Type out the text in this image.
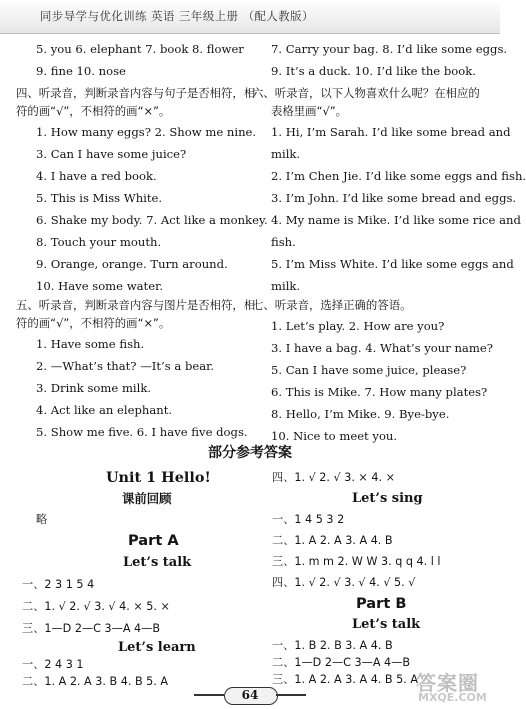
同步导学与优化训练 英语 三年级上册 （配人教版）
5. you 6. elephant 7. book 8. flower
9. fine 10. nose
四、听录音，判断录音内容与句子是否相符，相
符的画“√”，不相符的画“×”。
1. How many eggs? 2. Show me nine.
3. Can I have some juice?
4. I have a red book.
5. This is Miss White.
6. Shake my body. 7. Act like a monkey.
8. Touch your mouth.
9. Orange, orange. Turn around.
10. Have some water.
五、听录音，判断录音内容与图片是否相符，相
符的画“√”，不相符的画“×”。
1. Have some fish.
2. —What’s that? —It’s a bear.
3. Drink some milk.
4. Act like an elephant.
5. Show me five. 6. I have five dogs.
7. Carry your bag. 8. I’d like some eggs.
9. It’s a duck. 10. I’d like the book.
六、听录音，以下人物喜欢什么呢？在相应的
表格里画“√”。
1. Hi, I’m Sarah. I’d like some bread and
milk.
2. I’m Chen Jie. I’d like some eggs and fish.
3. I’m John. I’d like some bread and eggs.
4. My name is Mike. I’d like some rice and
fish.
5. I’m Miss White. I’d like some eggs and
milk.
七、听录音，选择正确的答语。
1. Let’s play. 2. How are you?
3. I have a bag. 4. What’s your name?
5. Can I have some juice, please?
6. This is Mike. 7. How many plates?
8. Hello, I’m Mike. 9. Bye-bye.
10. Nice to meet you.
部分参考答案
Unit 1 Hello!
课前回顾
略
Part A
Let’s talk
一、2 3 1 5 4
二、1. √ 2. √ 3. √ 4. × 5. ×
三、1—D 2—C 3—A 4—B
四、1. √ 2. √ 3. × 4. ×
Let’s sing
一、1 4 5 3 2
二、1. A 2. A 3. A 4. B
三、1. m m 2. W W 3. q q 4. l l
四、1. √ 2. √ 3. √ 4. √ 5. √
Part B
Let’s talk
一、1. B 2. B 3. A 4. B
二、1—D 2—C 3—A 4—B
三、1. A 2. A 3. A 4. B 5. A
Let’s learn
一、2 4 3 1
二、1. A 2. A 3. B 4. B 5. A
64	答案圈
MXQE.COM
